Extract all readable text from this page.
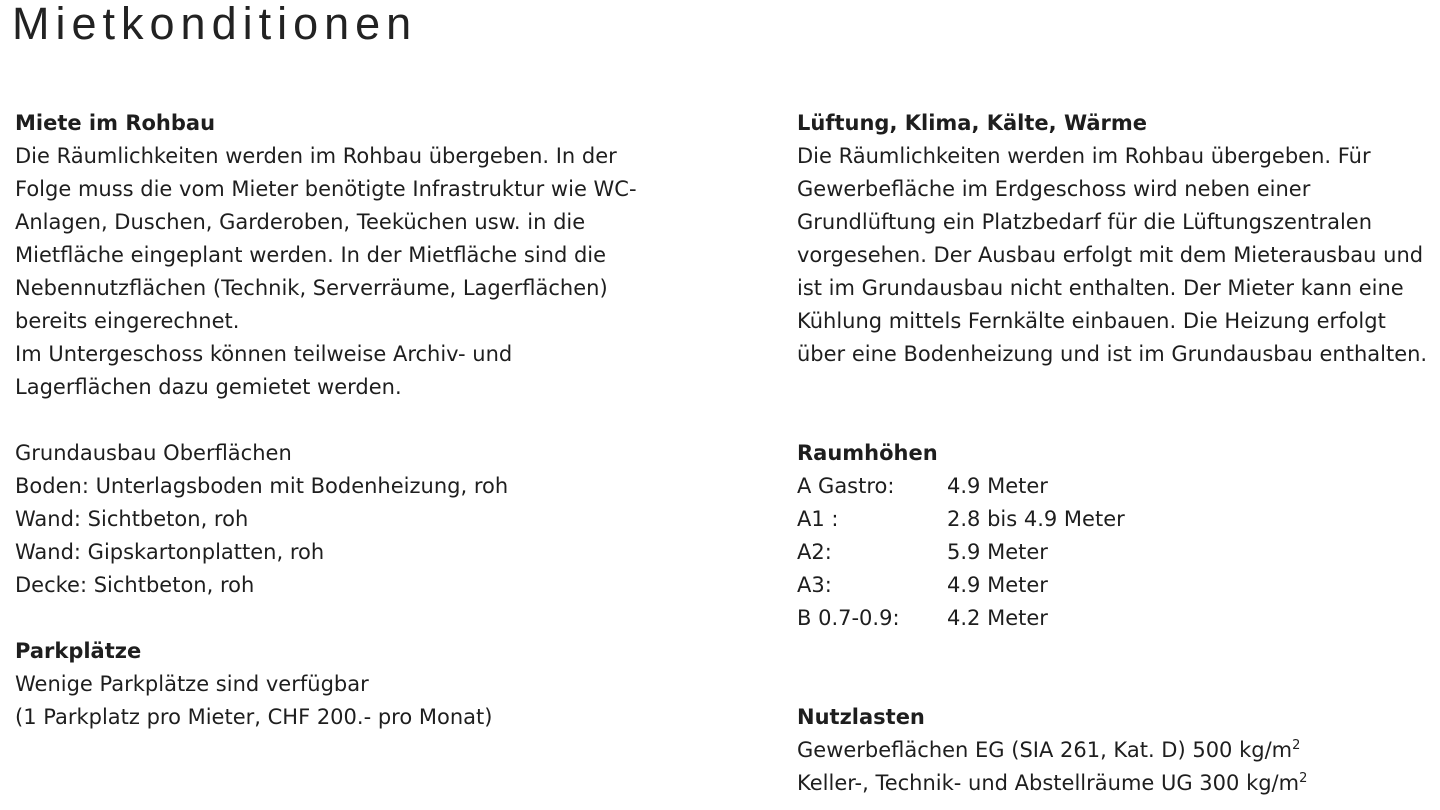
Mietkonditionen
Miete im Rohbau
Die Räumlichkeiten werden im Rohbau übergeben. In der
Folge muss die vom Mieter benötigte Infrastruktur wie WC-
Anlagen, Duschen, Garderoben, Teeküchen usw. in die
Mietfläche eingeplant werden. In der Mietfläche sind die
Nebennutzflächen (Technik, Serverräume, Lagerflächen)
bereits eingerechnet.
Im Untergeschoss können teilweise Archiv- und
Lagerflächen dazu gemietet werden.
Grundausbau Oberflächen
Boden: Unterlagsboden mit Bodenheizung, roh
Wand: Sichtbeton, roh
Wand: Gipskartonplatten, roh
Decke: Sichtbeton, roh
Parkplätze
Wenige Parkplätze sind verfügbar
(1 Parkplatz pro Mieter, CHF 200.- pro Monat)
Lüftung, Klima, Kälte, Wärme
Die Räumlichkeiten werden im Rohbau übergeben. Für
Gewerbefläche im Erdgeschoss wird neben einer
Grundlüftung ein Platzbedarf für die Lüftungszentralen
vorgesehen. Der Ausbau erfolgt mit dem Mieterausbau und
ist im Grundausbau nicht enthalten. Der Mieter kann eine
Kühlung mittels Fernkälte einbauen. Die Heizung erfolgt
über eine Bodenheizung und ist im Grundausbau enthalten.
Raumhöhen
A Gastro:	4.9 Meter
A1 :	2.8 bis 4.9 Meter
A2:	5.9 Meter
A3:	4.9 Meter
B 0.7-0.9:	4.2 Meter
Nutzlasten
Gewerbeflächen EG (SIA 261, Kat. D) 500 $kg/m^2$
Keller-, Technik- und Abstellräume UG 300 $kg/m^2$
